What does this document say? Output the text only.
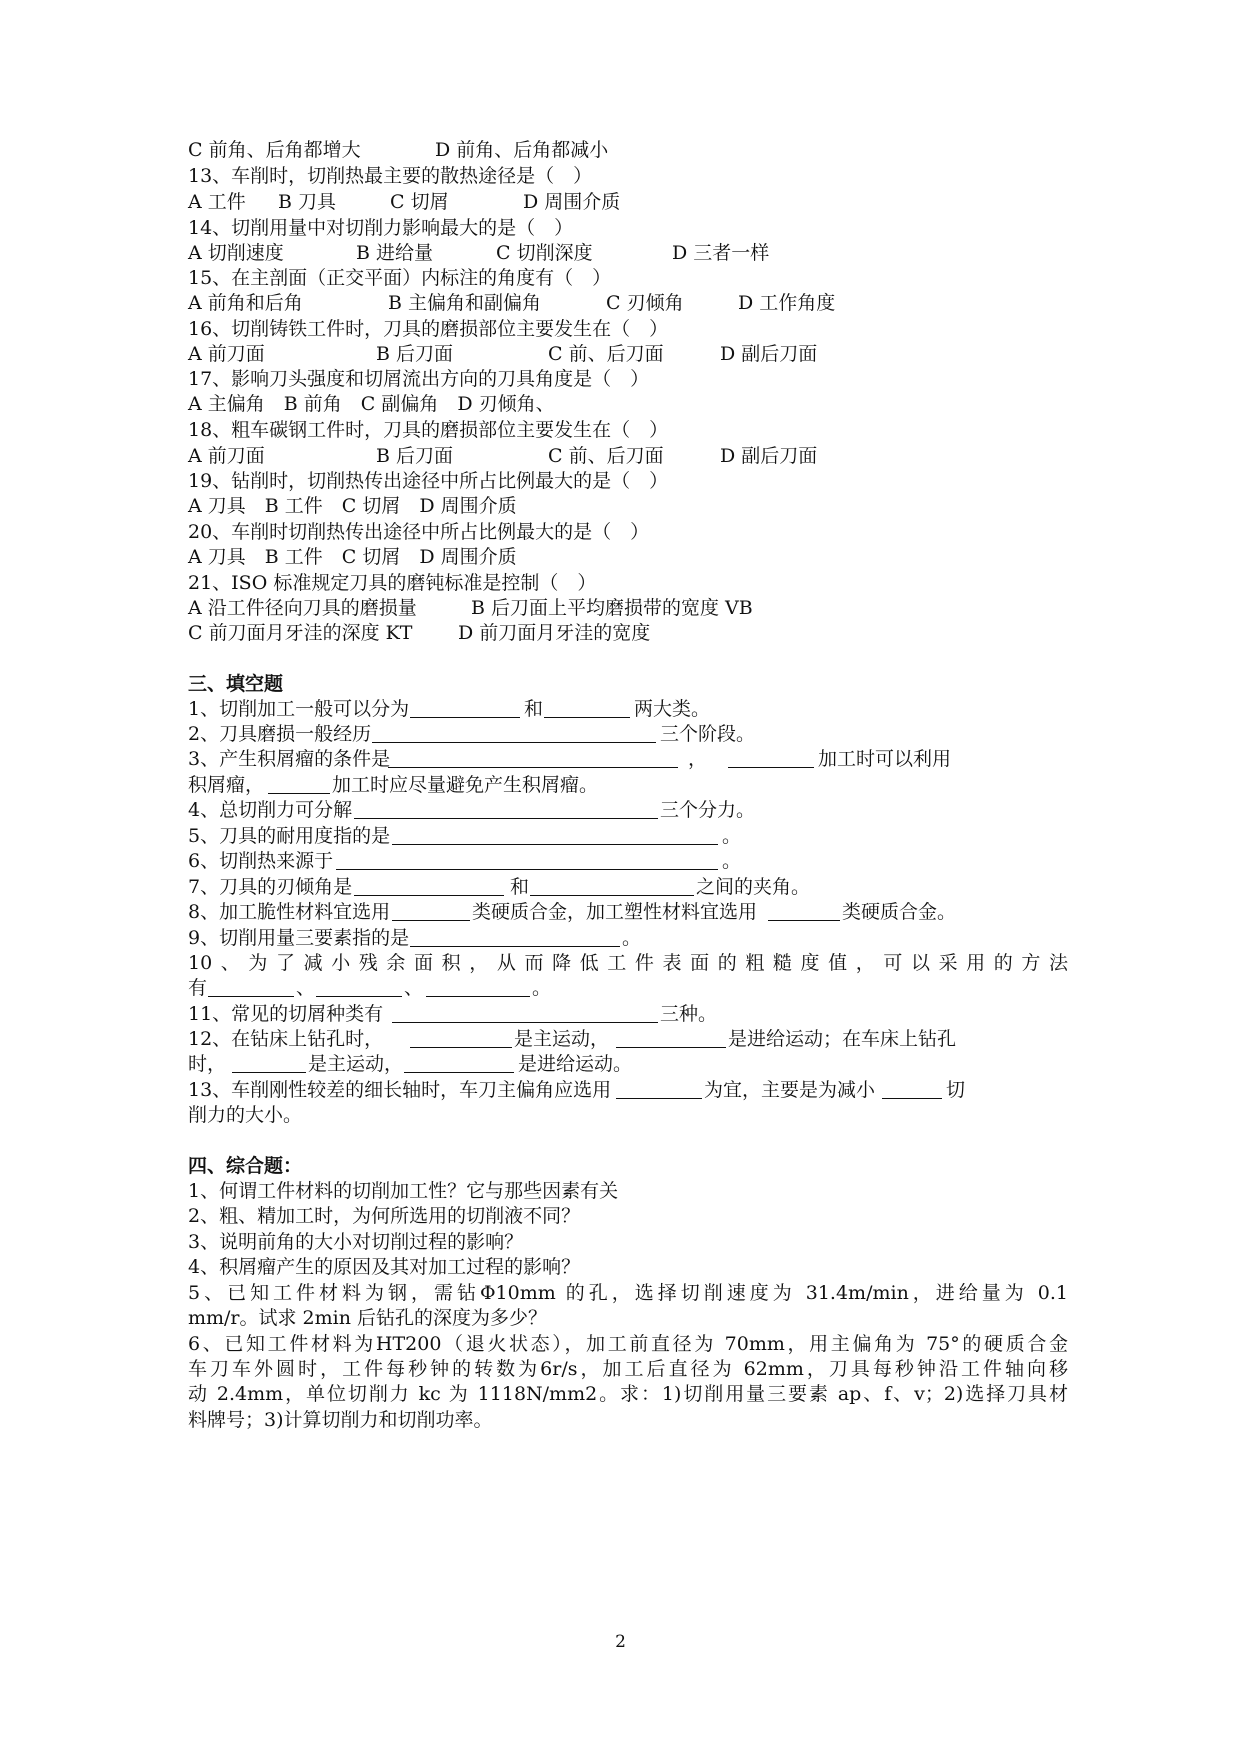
C 前角、后角都增大	D 前角、后角都减小
13、车削时，切削热最主要的散热途径是（　）
A 工件 B 刀具	C 切屑	D 周围介质
14、切削用量中对切削力影响最大的是（　）
A 切削速度	B 进给量	C 切削深度	D 三者一样
15、在主剖面（正交平面）内标注的角度有（　）
A 前角和后角	B 主偏角和副偏角	C 刃倾角	D 工作角度
16、切削铸铁工件时，刀具的磨损部位主要发生在（　）
A 前刀面	B 后刀面	C 前、后刀面	D 副后刀面
17、影响刀头强度和切屑流出方向的刀具角度是（　）
A 主偏角　B 前角　C 副偏角　D 刃倾角、
18、粗车碳钢工件时，刀具的磨损部位主要发生在（　）
A 前刀面	B 后刀面	C 前、后刀面	D 副后刀面
19、钻削时，切削热传出途径中所占比例最大的是（　）
A 刀具　B 工件　C 切屑　D 周围介质
20、车削时切削热传出途径中所占比例最大的是（　）
A 刀具　B 工件　C 切屑　D 周围介质
21、ISO 标准规定刀具的磨钝标准是控制（　）
A 沿工件径向刀具的磨损量	B 后刀面上平均磨损带的宽度 VB
C 前刀面月牙洼的深度 KT D 前刀面月牙洼的宽度
三、填空题
1、切削加工一般可以分为	和	两大类。
2、刀具磨损一般经历	三个阶段。
3、产生积屑瘤的条件是	，	加工时可以利用
积屑瘤，	加工时应尽量避免产生积屑瘤。
4、总切削力可分解	三个分力。
5、刀具的耐用度指的是	。
6、切削热来源于	。
7、刀具的刃倾角是	和	之间的夹角。
8、加工脆性材料宜选用	类硬质合金，加工塑性材料宜选用	类硬质合金。
9、切削用量三要素指的是	。
10、为了减小残余面积，从而降低工件表面的粗糙度值，可以采用的方法
有	、	、	。
11、常见的切屑种类有	三种。
12、在钻床上钻孔时，	是主运动，	是进给运动；在车床上钻孔
时，	是主运动，	是进给运动。
13、车削刚性较差的细长轴时，车刀主偏角应选用	为宜，主要是为减小	切
削力的大小。
四、综合题：
1、何谓工件材料的切削加工性？它与那些因素有关
2、粗、精加工时，为何所选用的切削液不同？
3、说明前角的大小对切削过程的影响？
4、积屑瘤产生的原因及其对加工过程的影响？
5、已知工件材料为钢，需钻Φ10mm 的孔，选择切削速度为 31.4m/min，进给量为 0.1
mm/r。试求 2min 后钻孔的深度为多少？
6、已知工件材料为HT200（退火状态），加工前直径为 70mm，用主偏角为 75°的硬质合金
车刀车外圆时，工件每秒钟的转数为6r/s，加工后直径为 62mm，刀具每秒钟沿工件轴向移
动 2.4mm，单位切削力 kc 为 1118N/mm2。求：1)切削用量三要素 ap、f、v；2)选择刀具材
料牌号；3)计算切削力和切削功率。
2
